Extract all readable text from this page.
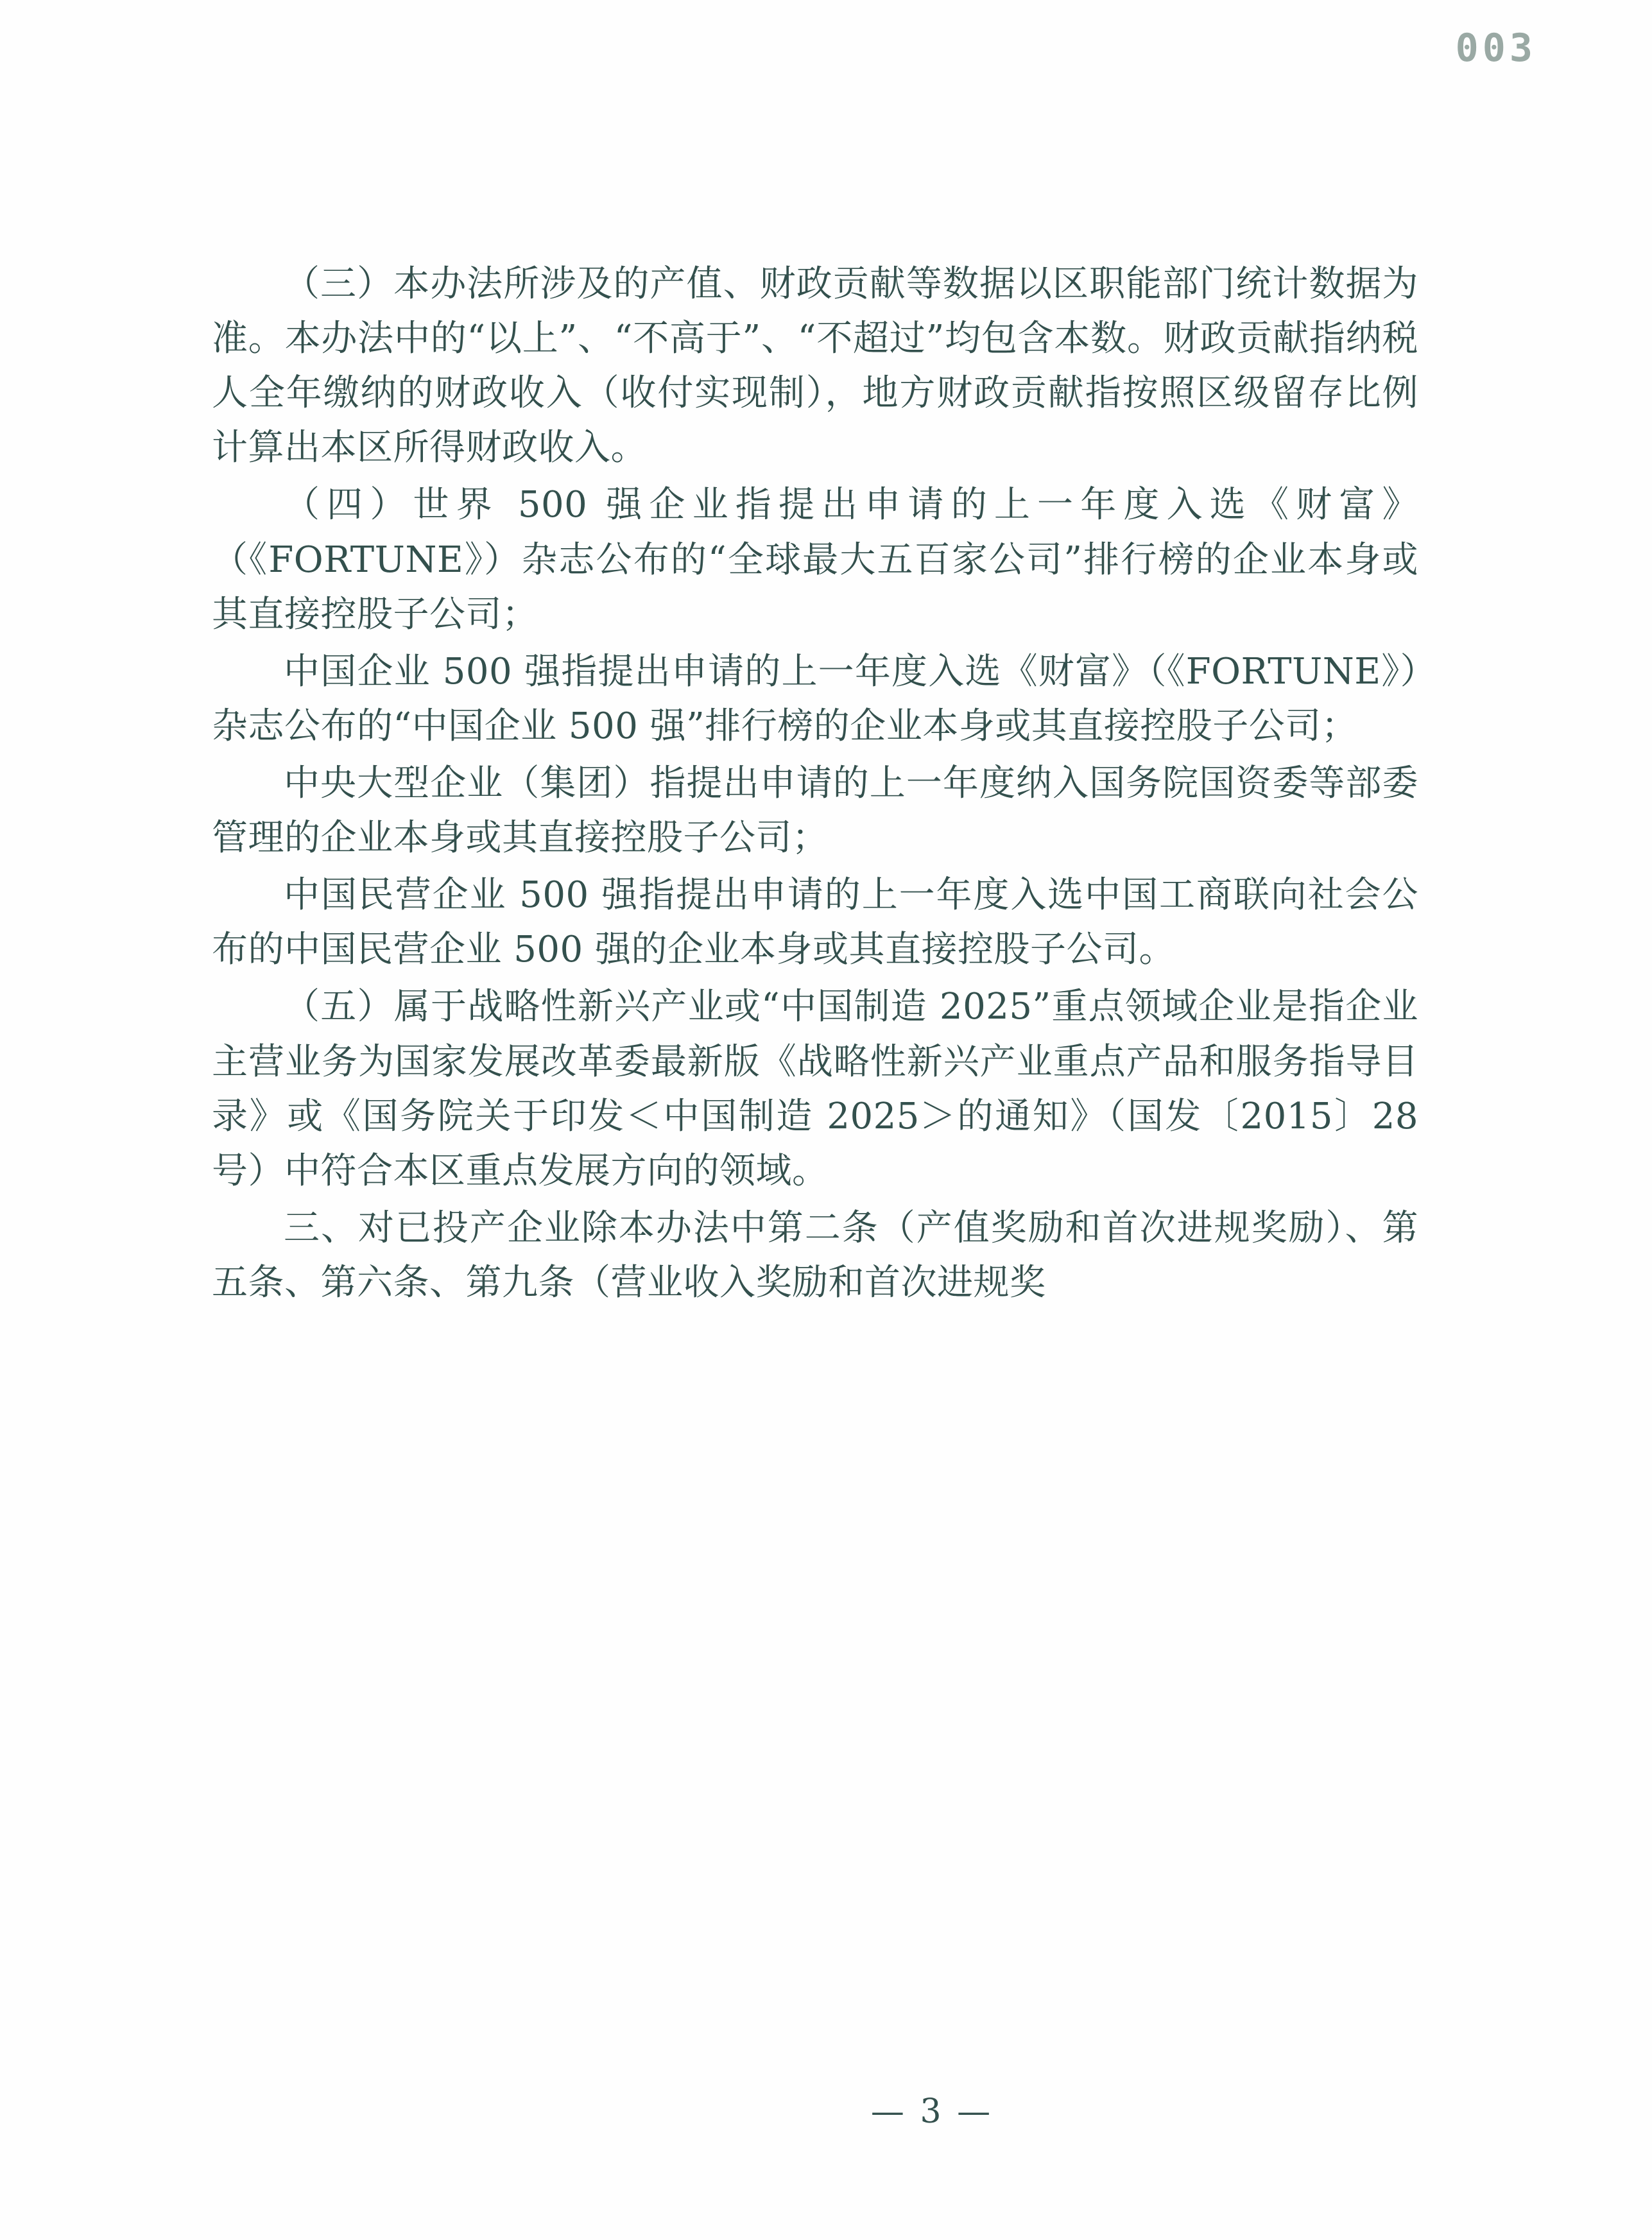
003

（三）本办法所涉及的产值、财政贡献等数据以区职能部门统计数据为准。本办法中的“以上”、“不高于”、“不超过”均包含本数。财政贡献指纳税人全年缴纳的财政收入（收付实现制），地方财政贡献指按照区级留存比例计算出本区所得财政收入。

（四）世界 500 强企业指提出申请的上一年度入选《财富》（《FORTUNE》）杂志公布的“全球最大五百家公司”排行榜的企业本身或其直接控股子公司；

中国企业 500 强指提出申请的上一年度入选《财富》（《FORTUNE》）杂志公布的“中国企业 500 强”排行榜的企业本身或其直接控股子公司；

中央大型企业（集团）指提出申请的上一年度纳入国务院国资委等部委管理的企业本身或其直接控股子公司；

中国民营企业 500 强指提出申请的上一年度入选中国工商联向社会公布的中国民营企业 500 强的企业本身或其直接控股子公司。

（五）属于战略性新兴产业或“中国制造 2025”重点领域企业是指企业主营业务为国家发展改革委最新版《战略性新兴产业重点产品和服务指导目录》或《国务院关于印发＜中国制造 2025＞的通知》（国发〔2015〕28 号）中符合本区重点发展方向的领域。

三、对已投产企业除本办法中第二条（产值奖励和首次进规奖励）、第五条、第六条、第九条（营业收入奖励和首次进规奖

— 3 —
